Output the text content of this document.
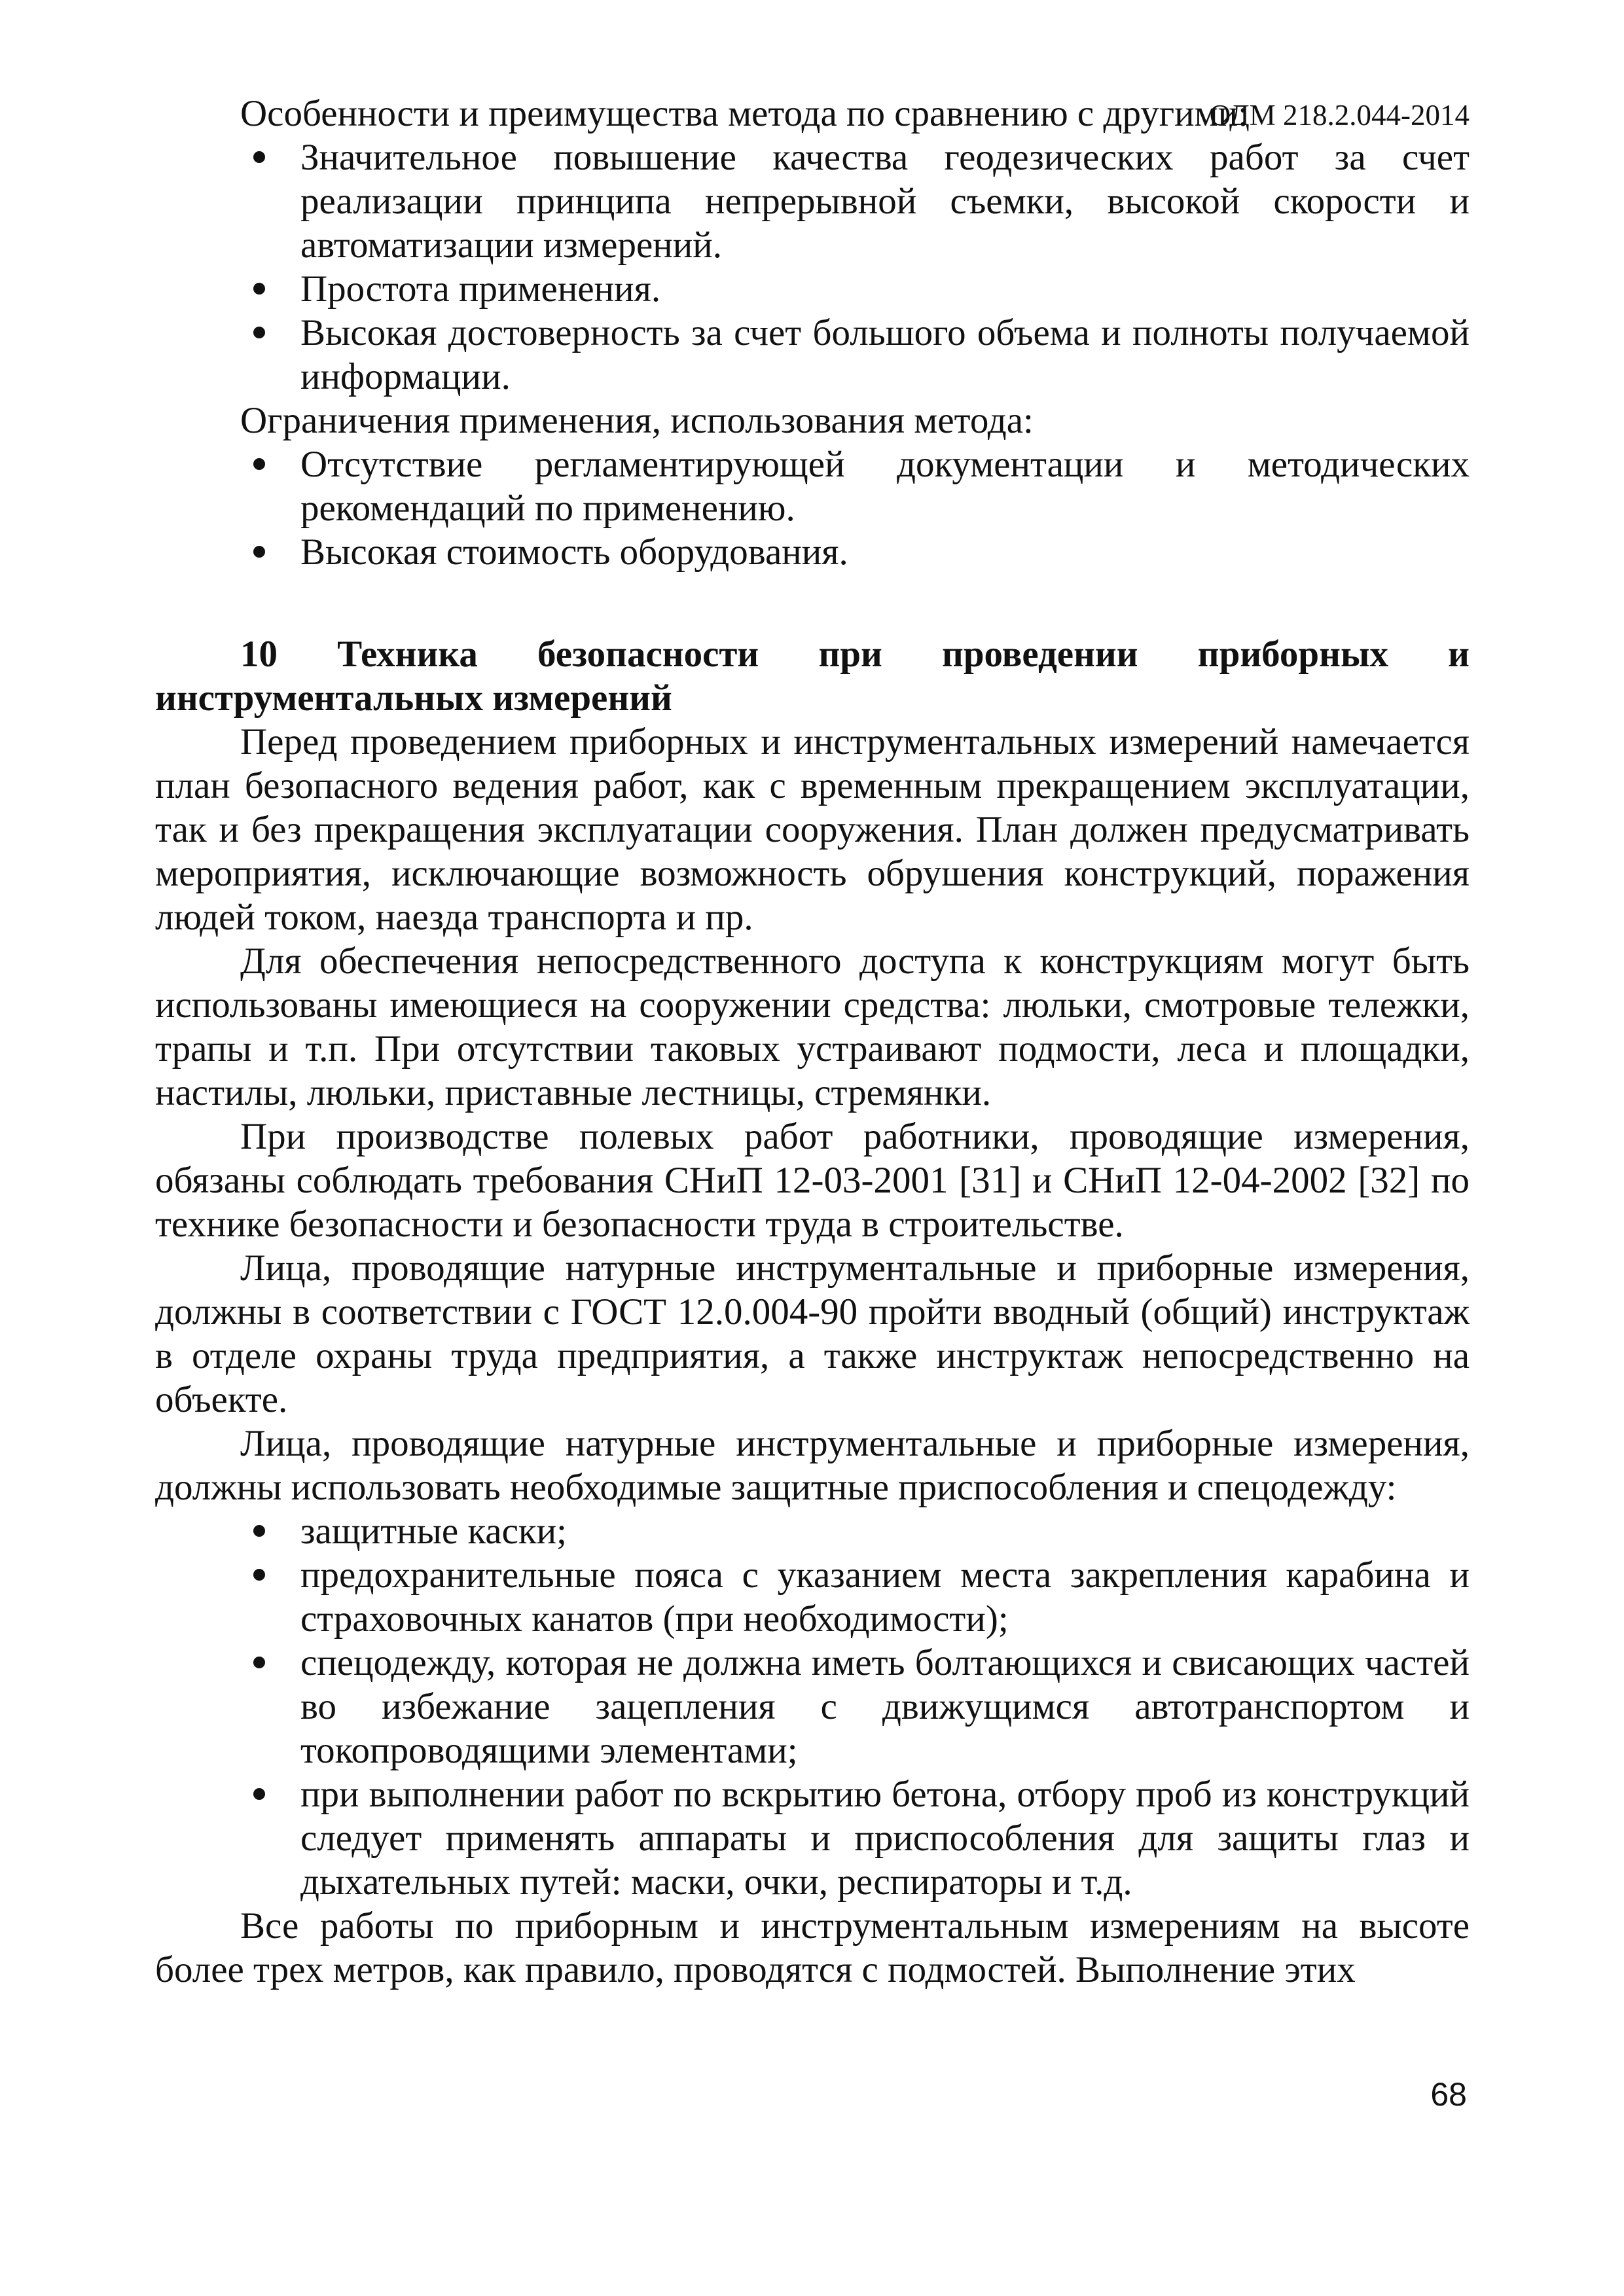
ОДМ 218.2.044-2014

Особенности и преимущества метода по сравнению с другими:

Значительное повышение качества геодезических работ за счет реализации принципа непрерывной съемки, высокой скорости и автоматизации измерений.
Простота применения.
Высокая достоверность за счет большого объема и полноты получаемой информации.

Ограничения применения, использования метода:

Отсутствие регламентирующей документации и методических рекомендаций по применению.
Высокая стоимость оборудования.

10 Техника безопасности при проведении приборных и инструментальных измерений

Перед проведением приборных и инструментальных измерений намечается план безопасного ведения работ, как с временным прекращением эксплуатации, так и без прекращения эксплуатации сооружения. План должен предусматривать мероприятия, исключающие возможность обрушения конструкций, поражения людей током, наезда транспорта и пр.

Для обеспечения непосредственного доступа к конструкциям могут быть использованы имеющиеся на сооружении средства: люльки, смотровые тележки, трапы и т.п. При отсутствии таковых устраивают подмости, леса и площадки, настилы, люльки, приставные лестницы, стремянки.

При производстве полевых работ работники, проводящие измерения, обязаны соблюдать требования СНиП 12-03-2001 [31] и СНиП 12-04-2002 [32] по технике безопасности и безопасности труда в строительстве.

Лица, проводящие натурные инструментальные и приборные измерения, должны в соответствии с ГОСТ 12.0.004-90 пройти вводный (общий) инструктаж в отделе охраны труда предприятия, а также инструктаж непосредственно на объекте.

Лица, проводящие натурные инструментальные и приборные измерения, должны использовать необходимые защитные приспособления и спецодежду:

защитные каски;
предохранительные пояса с указанием места закрепления карабина и страховочных канатов (при необходимости);
спецодежду, которая не должна иметь болтающихся и свисающих частей во избежание зацепления с движущимся автотранспортом и токопроводящими элементами;
при выполнении работ по вскрытию бетона, отбору проб из конструкций следует применять аппараты и приспособления для защиты глаз и дыхательных путей: маски, очки, респираторы и т.д.

Все работы по приборным и инструментальным измерениям на высоте более трех метров, как правило, проводятся с подмостей. Выполнение этих

68
